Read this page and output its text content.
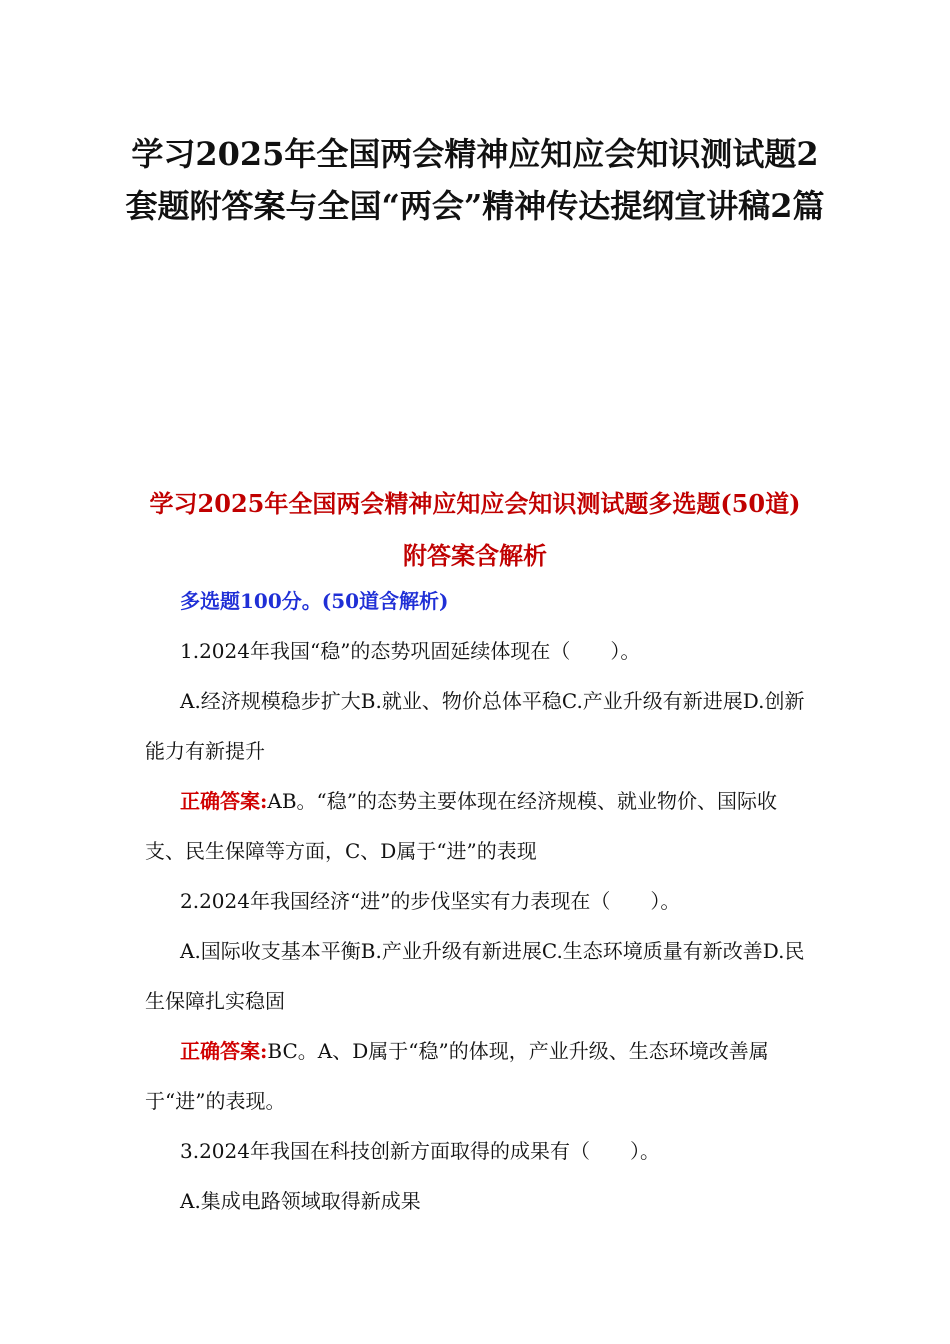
学习2025年全国两会精神应知应会知识测试题2套题附答案与全国“两会”精神传达提纲宣讲稿2篇
学习2025年全国两会精神应知应会知识测试题多选题(50道)附答案含解析

多选题100分。(50道含解析)

1.2024年我国“稳”的态势巩固延续体现在（　　）。

A.经济规模稳步扩大B.就业、物价总体平稳C.产业升级有新进展D.创新能力有新提升

正确答案:AB。“稳”的态势主要体现在经济规模、就业物价、国际收支、民生保障等方面，C、D属于“进”的表现

2.2024年我国经济“进”的步伐坚实有力表现在（　　）。

A.国际收支基本平衡B.产业升级有新进展C.生态环境质量有新改善D.民生保障扎实稳固

正确答案:BC。A、D属于“稳”的体现，产业升级、生态环境改善属于“进”的表现。

3.2024年我国在科技创新方面取得的成果有（　　）。

A.集成电路领域取得新成果
